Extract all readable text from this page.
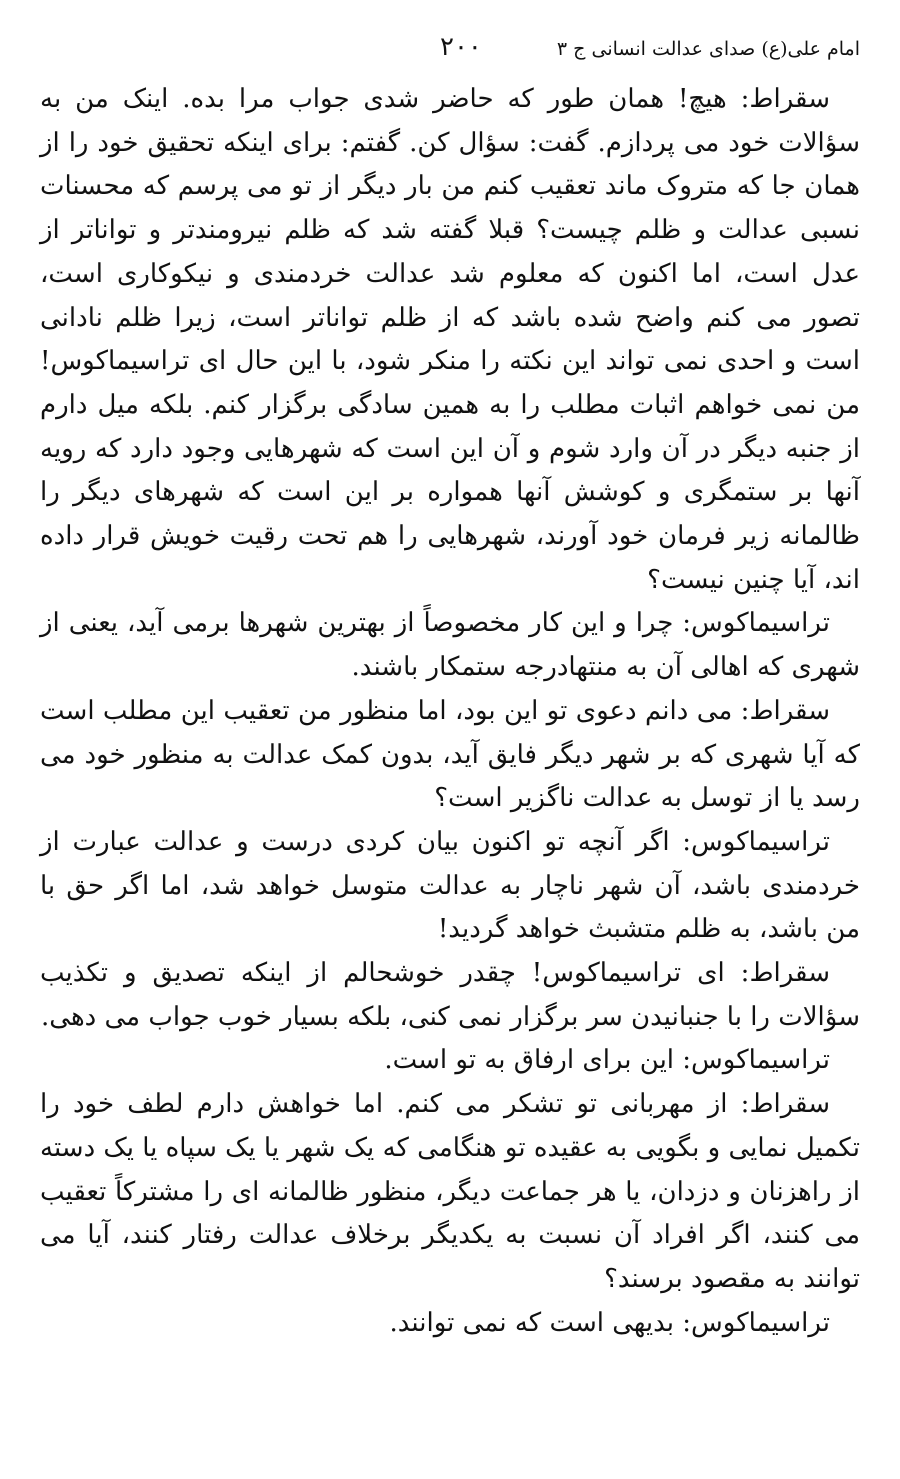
امام علی(ع) صدای عدالت انسانی ج ۳
۲۰۰

سقراط: هیچ! همان طور که حاضر شدی جواب مرا بده. اینک من به سؤالات خود می پردازم. گفت: سؤال کن. گفتم: برای اینکه تحقیق خود را از همان جا که متروک ماند تعقیب کنم من بار دیگر از تو می پرسم که محسنات نسبی عدالت و ظلم چیست؟ قبلا گفته شد که ظلم نیرومندتر و تواناتر از عدل است، اما اکنون که معلوم شد عدالت خردمندی و نیکوکاری است، تصور می کنم واضح شده باشد که از ظلم تواناتر است، زیرا ظلم نادانی است و احدی نمی تواند این نکته را منکر شود، با این حال ای تراسیماکوس! من نمی خواهم اثبات مطلب را به همین سادگی برگزار کنم. بلکه میل دارم از جنبه دیگر در آن وارد شوم و آن این است که شهرهایی وجود دارد که رویه آنها بر ستمگری و کوشش آنها همواره بر این است که شهرهای دیگر را ظالمانه زیر فرمان خود آورند، شهرهایی را هم تحت رقیت خویش قرار داده اند، آیا چنین نیست؟

تراسیماکوس: چرا و این کار مخصوصاً از بهترین شهرها برمی آید، یعنی از شهری که اهالی آن به منتهادرجه ستمکار باشند.

سقراط: می دانم دعوی تو این بود، اما منظور من تعقیب این مطلب است که آیا شهری که بر شهر دیگر فایق آید، بدون کمک عدالت به منظور خود می رسد یا از توسل به عدالت ناگزیر است؟

تراسیماکوس: اگر آنچه تو اکنون بیان کردی درست و عدالت عبارت از خردمندی باشد، آن شهر ناچار به عدالت متوسل خواهد شد، اما اگر حق با من باشد، به ظلم متشبث خواهد گردید!

سقراط: ای تراسیماکوس! چقدر خوشحالم از اینکه تصدیق و تکذیب سؤالات را با جنبانیدن سر برگزار نمی کنی، بلکه بسیار خوب جواب می دهی.

تراسیماکوس: این برای ارفاق به تو است.

سقراط: از مهربانی تو تشکر می کنم. اما خواهش دارم لطف خود را تکمیل نمایی و بگویی به عقیده تو هنگامی که یک شهر یا یک سپاه یا یک دسته از راهزنان و دزدان، یا هر جماعت دیگر، منظور ظالمانه ای را مشترکاً تعقیب می کنند، اگر افراد آن نسبت به یکدیگر برخلاف عدالت رفتار کنند، آیا می توانند به مقصود برسند؟

تراسیماکوس: بدیهی است که نمی توانند.
